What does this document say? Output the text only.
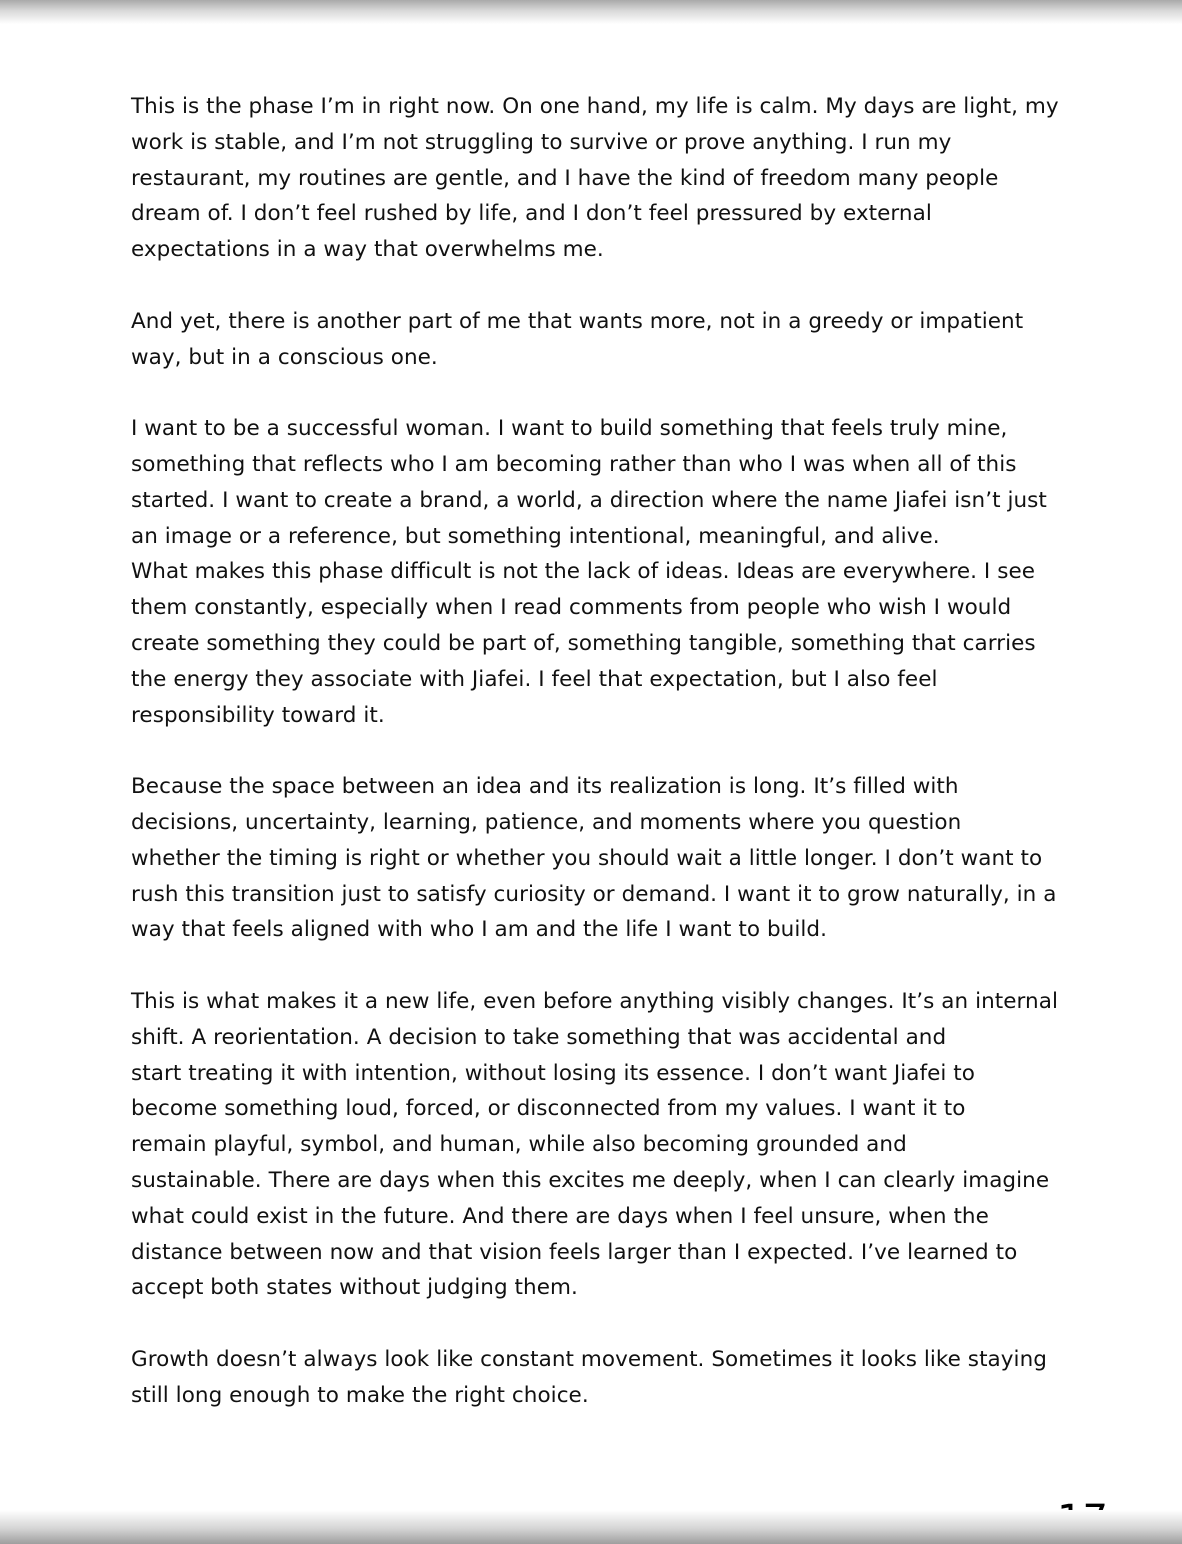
This is the phase I’m in right now. On one hand, my life is calm. My days are light, my
work is stable, and I’m not struggling to survive or prove anything. I run my
restaurant, my routines are gentle, and I have the kind of freedom many people
dream of. I don’t feel rushed by life, and I don’t feel pressured by external
expectations in a way that overwhelms me.
And yet, there is another part of me that wants more, not in a greedy or impatient
way, but in a conscious one.
I want to be a successful woman. I want to build something that feels truly mine,
something that reflects who I am becoming rather than who I was when all of this
started. I want to create a brand, a world, a direction where the name Jiafei isn’t just
an image or a reference, but something intentional, meaningful, and alive.
What makes this phase difficult is not the lack of ideas. Ideas are everywhere. I see
them constantly, especially when I read comments from people who wish I would
create something they could be part of, something tangible, something that carries
the energy they associate with Jiafei. I feel that expectation, but I also feel
responsibility toward it.
Because the space between an idea and its realization is long. It’s filled with
decisions, uncertainty, learning, patience, and moments where you question
whether the timing is right or whether you should wait a little longer. I don’t want to
rush this transition just to satisfy curiosity or demand. I want it to grow naturally, in a
way that feels aligned with who I am and the life I want to build.
This is what makes it a new life, even before anything visibly changes. It’s an internal
shift. A reorientation. A decision to take something that was accidental and
start treating it with intention, without losing its essence. I don’t want Jiafei to
become something loud, forced, or disconnected from my values. I want it to
remain playful, symbol, and human, while also becoming grounded and
sustainable. There are days when this excites me deeply, when I can clearly imagine
what could exist in the future. And there are days when I feel unsure, when the
distance between now and that vision feels larger than I expected. I’ve learned to
accept both states without judging them.
Growth doesn’t always look like constant movement. Sometimes it looks like staying
still long enough to make the right choice.
